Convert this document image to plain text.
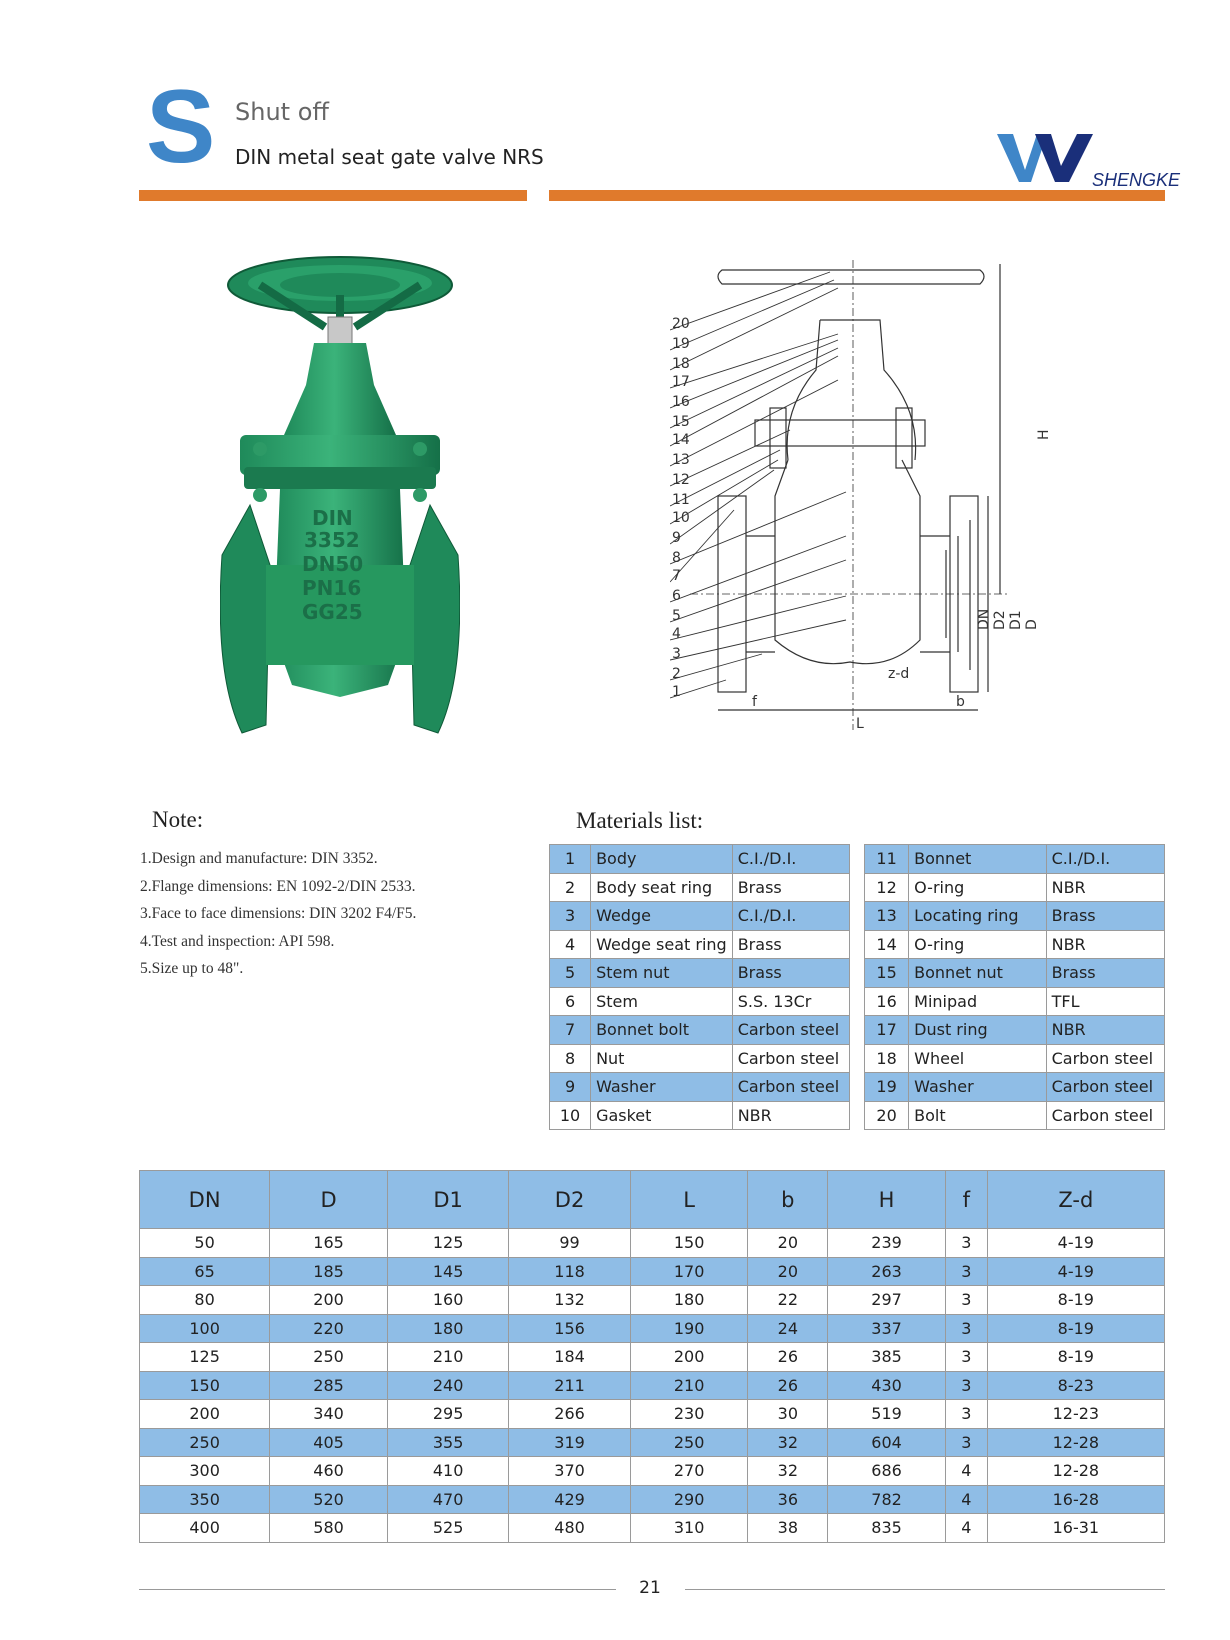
S Shut off
DIN metal seat gate valve NRS
SHENGKE
DIN
3352
DN50
PN16
GG25
20
19
18
17
16
15
14
13
12
11
10
9
8
7
6
5
4
3
2
1
H
DN D2 D1 D
z-d
b
f
L
Note:
1.Design and manufacture: DIN 3352.
2.Flange dimensions: EN 1092-2/DIN 2533.
3.Face to face dimensions: DIN 3202 F4/F5.
4.Test and inspection: API 598.
5.Size up to 48".
Materials list:
1	Body	C.I./D.I.
2	Body seat ring	Brass
3	Wedge	C.I./D.I.
4	Wedge seat ring	Brass
5	Stem nut	Brass
6	Stem	S.S. 13Cr
7	Bonnet bolt	Carbon steel
8	Nut	Carbon steel
9	Washer	Carbon steel
10	Gasket	NBR
11	Bonnet	C.I./D.I.
12	O-ring	NBR
13	Locating ring	Brass
14	O-ring	NBR
15	Bonnet nut	Brass
16	Minipad	TFL
17	Dust ring	NBR
18	Wheel	Carbon steel
19	Washer	Carbon steel
20	Bolt	Carbon steel
DN	D	D1	D2	L	b	H	f	Z-d
50	165	125	99	150	20	239	3	4-19
65	185	145	118	170	20	263	3	4-19
80	200	160	132	180	22	297	3	8-19
100	220	180	156	190	24	337	3	8-19
125	250	210	184	200	26	385	3	8-19
150	285	240	211	210	26	430	3	8-23
200	340	295	266	230	30	519	3	12-23
250	405	355	319	250	32	604	3	12-28
300	460	410	370	270	32	686	4	12-28
350	520	470	429	290	36	782	4	16-28
400	580	525	480	310	38	835	4	16-31
21
